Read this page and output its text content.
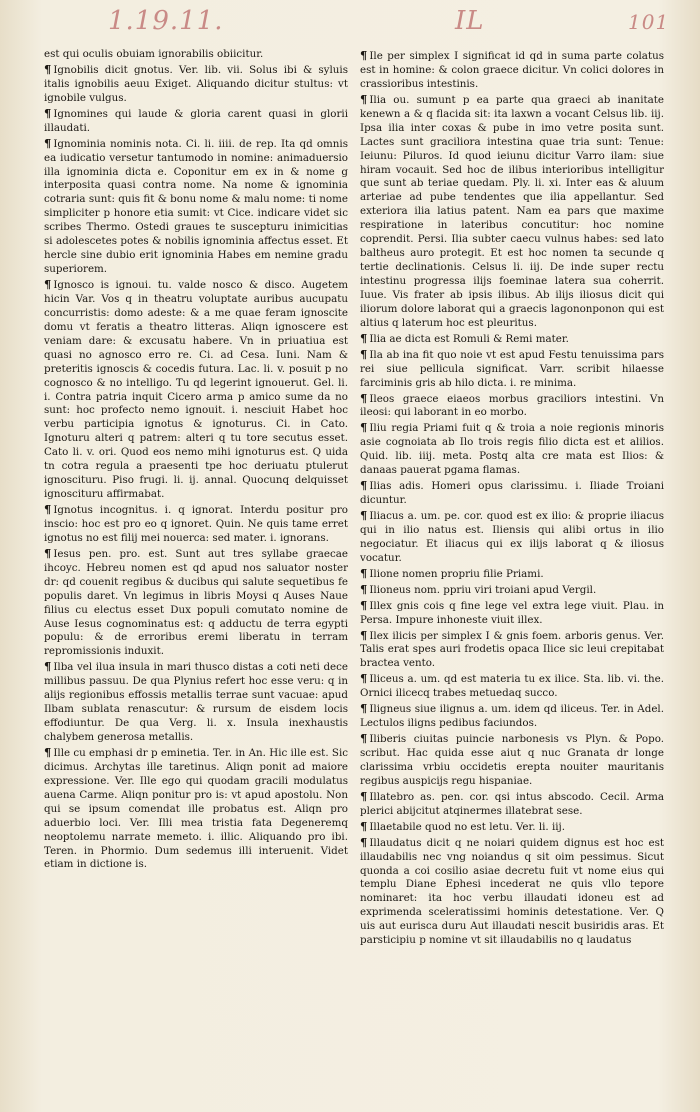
1.19.11.	IL	101

est qui oculis obuiam ignorabilis obiicitur.

¶ Ignobilis dicit gnotus. Ver. lib. vii. Solus ibi & syluis italis ignobilis aeuu Exiget. Aliquando dicitur stultus: vt ignobile vulgus.

¶ Ignomines qui laude & gloria carent quasi in glorii illaudati.

¶ Ignominia nominis nota. Ci. li. iiii. de rep. Ita qd omnis ea iudicatio versetur tantumodo in nomine: animaduersio illa ignominia dicta e. Coponitur em ex in & nome g interposita quasi contra nome. Na nome & ignominia cotraria sunt: quis fit & bonu nome & malu nome: ti nome simpliciter p honore etia sumit: vt Cice. indicare videt sic scribes Thermo. Ostedi graues te suscepturu inimicitias si adolescetes potes & nobilis ignominia affectus esset. Et hercle sine dubio erit ignominia Habes em nemine gradu superiorem.

¶ Ignosco is ignoui. tu. valde nosco & disco. Augetem hicin Var. Vos q in theatru voluptate auribus aucupatu concurristis: domo adeste: & a me quae feram ignoscite domu vt feratis a theatro litteras. Aliqn ignoscere est veniam dare: & excusatu habere. Vn in priuatiua est quasi no agnosco erro re. Ci. ad Cesa. Iuni. Nam & preteritis ignoscis & cocedis futura. Lac. li. v. posuit p no cognosco & no intelligo. Tu qd legerint ignouerut. Gel. li. i. Contra patria inquit Cicero arma p amico sume da no sunt: hoc profecto nemo ignouit. i. nesciuit Habet hoc verbu participia ignotus & ignoturus. Ci. in Cato. Ignoturu alteri q patrem: alteri q tu tore secutus esset. Cato li. v. ori. Quod eos nemo mihi ignoturus est. Q uida tn cotra regula a praesenti tpe hoc deriuatu ptulerut ignoscituru. Piso frugi. li. ij. annal. Quocunq delquisset ignoscituru affirmabat.

¶ Ignotus incognitus. i. q ignorat. Interdu positur pro inscio: hoc est pro eo q ignoret. Quin. Ne quis tame erret ignotus no est filij mei nouerca: sed mater. i. ignorans.

¶ Iesus pen. pro. est. Sunt aut tres syllabe graecae ihcoyc. Hebreu nomen est qd apud nos saluator noster dr: qd couenit regibus & ducibus qui salute sequetibus fe populis daret. Vn legimus in libris Moysi q Auses Naue filius cu electus esset Dux populi comutato nomine de Ause Iesus cognominatus est: q adductu de terra egypti populu: & de erroribus eremi liberatu in terram repromissionis induxit.

¶ Ilba vel ilua insula in mari thusco distas a coti neti dece millibus passuu. De qua Plynius refert hoc esse veru: q in alijs regionibus effossis metallis terrae sunt vacuae: apud Ilbam sublata renascutur: & rursum de eisdem locis effodiuntur. De qua Verg. li. x. Insula inexhaustis chalybem generosa metallis.

¶ Ille cu emphasi dr p eminetia. Ter. in An. Hic ille est. Sic dicimus. Archytas ille taretinus. Aliqn ponit ad maiore expressione. Ver. Ille ego qui quodam gracili modulatus auena Carme. Aliqn ponitur pro is: vt apud apostolu. Non qui se ipsum comendat ille probatus est. Aliqn pro aduerbio loci. Ver. Illi mea tristia fata Degeneremq neoptolemu narrate memeto. i. illic. Aliquando pro ibi. Teren. in Phormio. Dum sedemus illi interuenit. Videt etiam in dictione is.

¶ Ile per simplex I significat id qd in suma parte colatus est in homine: & colon graece dicitur. Vn colici dolores in crassioribus intestinis.

¶ Ilia ou. sumunt p ea parte qua graeci ab inanitate kenewn a & q flacida sit: ita laxwn a vocant Celsus lib. iij. Ipsa ilia inter coxas & pube in imo vetre posita sunt. Lactes sunt graciliora intestina quae tria sunt: Tenue: Ieiunu: Piluros. Id quod ieiunu dicitur Varro ilam: siue hiram vocauit. Sed hoc de ilibus interioribus intelligitur que sunt ab teriae quedam. Ply. li. xi. Inter eas & aluum arteriae ad pube tendentes que ilia appellantur. Sed exteriora ilia latius patent. Nam ea pars que maxime respiratione in lateribus concutitur: hoc nomine coprendit. Persi. Ilia subter caecu vulnus habes: sed lato baltheus auro protegit. Et est hoc nomen ta secunde q tertie declinationis. Celsus li. iij. De inde super rectu intestinu progressa ilijs foeminae latera sua coherrit. Iuue. Vis frater ab ipsis ilibus. Ab ilijs iliosus dicit qui iliorum dolore laborat qui a graecis lagononponon qui est altius q laterum hoc est pleuritus.

¶ Ilia ae dicta est Romuli & Remi mater.

¶ Ila ab ina fit quo noie vt est apud Festu tenuissima pars rei siue pellicula significat. Varr. scribit hilaesse farciminis gris ab hilo dicta. i. re minima.

¶ Ileos graece eiaeos morbus graciliors intestini. Vn ileosi: qui laborant in eo morbo.

¶ Iliu regia Priami fuit q & troia a noie regionis minoris asie cognoiata ab Ilo trois regis filio dicta est et alilios. Quid. lib. iiij. meta. Postq alta cre mata est Ilios: & danaas pauerat pgama flamas.

¶ Ilias adis. Homeri opus clarissimu. i. Iliade Troiani dicuntur.

¶ Iliacus a. um. pe. cor. quod est ex ilio: & proprie iliacus qui in ilio natus est. Iliensis qui alibi ortus in ilio negociatur. Et iliacus qui ex ilijs laborat q & iliosus vocatur.

¶ Ilione nomen propriu filie Priami.

¶ Ilioneus nom. ppriu viri troiani apud Vergil.

¶ Illex gnis cois q fine lege vel extra lege viuit. Plau. in Persa. Impure inhoneste viuit illex.

¶ Ilex ilicis per simplex I & gnis foem. arboris genus. Ver. Talis erat spes auri frodetis opaca Ilice sic leui crepitabat bractea vento.

¶ Iliceus a. um. qd est materia tu ex ilice. Sta. lib. vi. the. Ornici ilicecq trabes metuedaq succo.

¶ Iligneus siue ilignus a. um. idem qd iliceus. Ter. in Adel. Lectulos iligns pedibus faciundos.

¶ Iliberis ciuitas puincie narbonesis vs Plyn. & Popo. scribut. Hac quida esse aiut q nuc Granata dr longe clarissima vrbiu occidetis erepta nouiter mauritanis regibus auspicijs regu hispaniae.

¶ Illatebro as. pen. cor. qsi intus abscodo. Cecil. Arma plerici abijcitut atqinermes illatebrat sese.

¶ Illaetabile quod no est letu. Ver. li. iij.

¶ Illaudatus dicit q ne noiari quidem dignus est hoc est illaudabilis nec vng noiandus q sit oim pessimus. Sicut quonda a coi cosilio asiae decretu fuit vt nome eius qui templu Diane Ephesi incederat ne quis vllo tepore nominaret: ita hoc verbu illaudati idoneu est ad exprimenda sceleratissimi hominis detestatione. Ver. Q uis aut eurisca duru Aut illaudati nescit busiridis aras. Et parsticipiu p nomine vt sit illaudabilis no q laudatus
